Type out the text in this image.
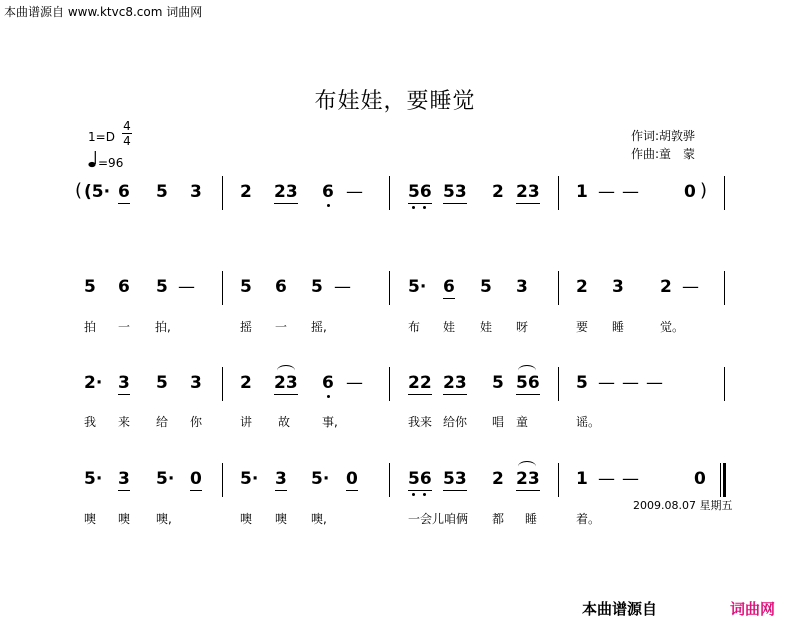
本曲谱源自 www.ktvc8.com 词曲网
布娃娃，要睡觉
1=D
4
4
=96
作词:胡敦骅
作曲:童　蒙
( (5· 6 5 3 2 23 6 —	56 53 2 23 1 — —	0 )
5 6 5 —	5 6 5 —	5· 6 5 3	2 3 2 —
拍 一 拍,	摇 一 摇,	布 娃 娃 呀	要 睡	觉。
2· 3 5 3 2 23 6 —	22 23 5 56 5 — — —
我 来 给 你	讲 故	事,	我来 给你 唱 童	谣。
5· 3 5· 0 5· 3 5· 0	56 53 2 23 1 — —	0
2009.08.07 星期五
噢 噢 噢,	噢 噢 噢,	一会儿咱俩 都 睡	着。
本曲谱源自	词曲网
